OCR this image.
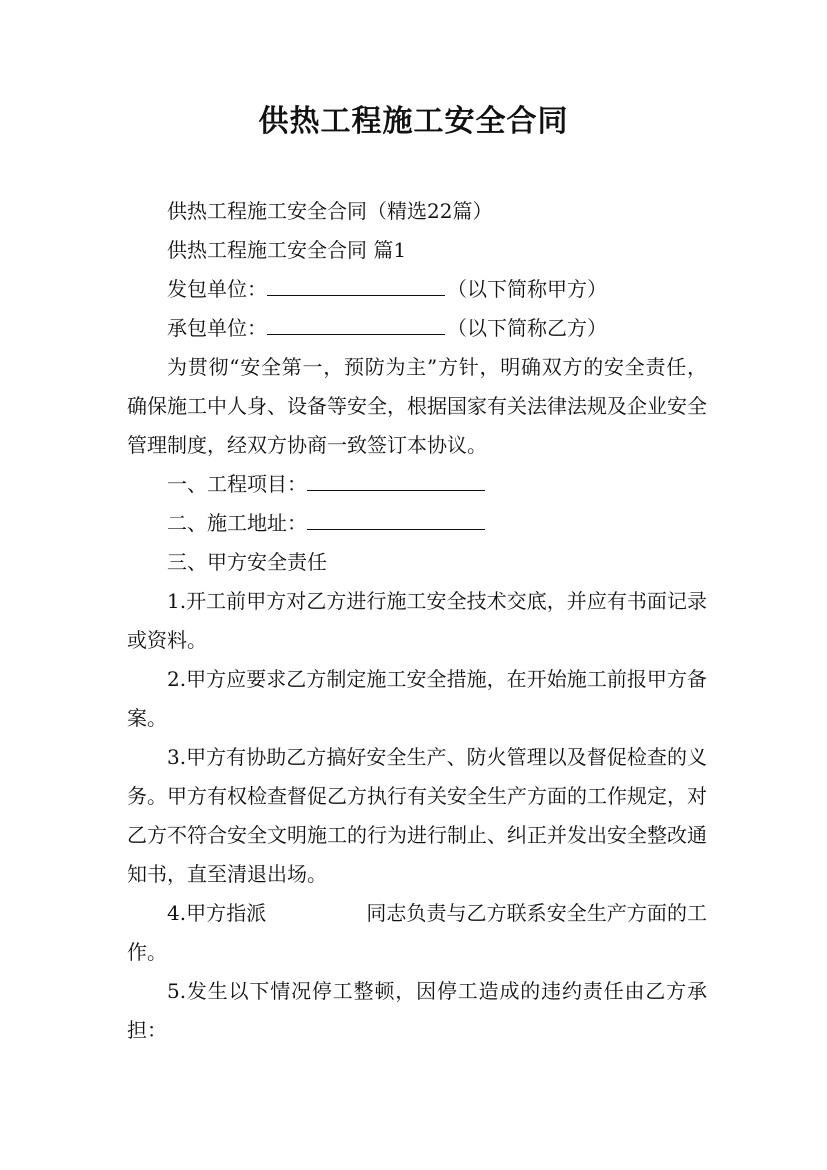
供热工程施工安全合同

供热工程施工安全合同（精选22篇）

供热工程施工安全合同 篇1

发包单位：	（以下简称甲方）

承包单位：	（以下简称乙方）

为贯彻“安全第一，预防为主”方针，明确双方的安全责任，确保施工中人身、设备等安全，根据国家有关法律法规及企业安全管理制度，经双方协商一致签订本协议。

一、工程项目：

二、施工地址：

三、甲方安全责任

1.开工前甲方对乙方进行施工安全技术交底，并应有书面记录或资料。

2.甲方应要求乙方制定施工安全措施，在开始施工前报甲方备案。

3.甲方有协助乙方搞好安全生产、防火管理以及督促检查的义务。甲方有权检查督促乙方执行有关安全生产方面的工作规定，对乙方不符合安全文明施工的行为进行制止、纠正并发出安全整改通知书，直至清退出场。

4.甲方指派	同志负责与乙方联系安全生产方面的工作。

5.发生以下情况停工整顿，因停工造成的违约责任由乙方承担：
